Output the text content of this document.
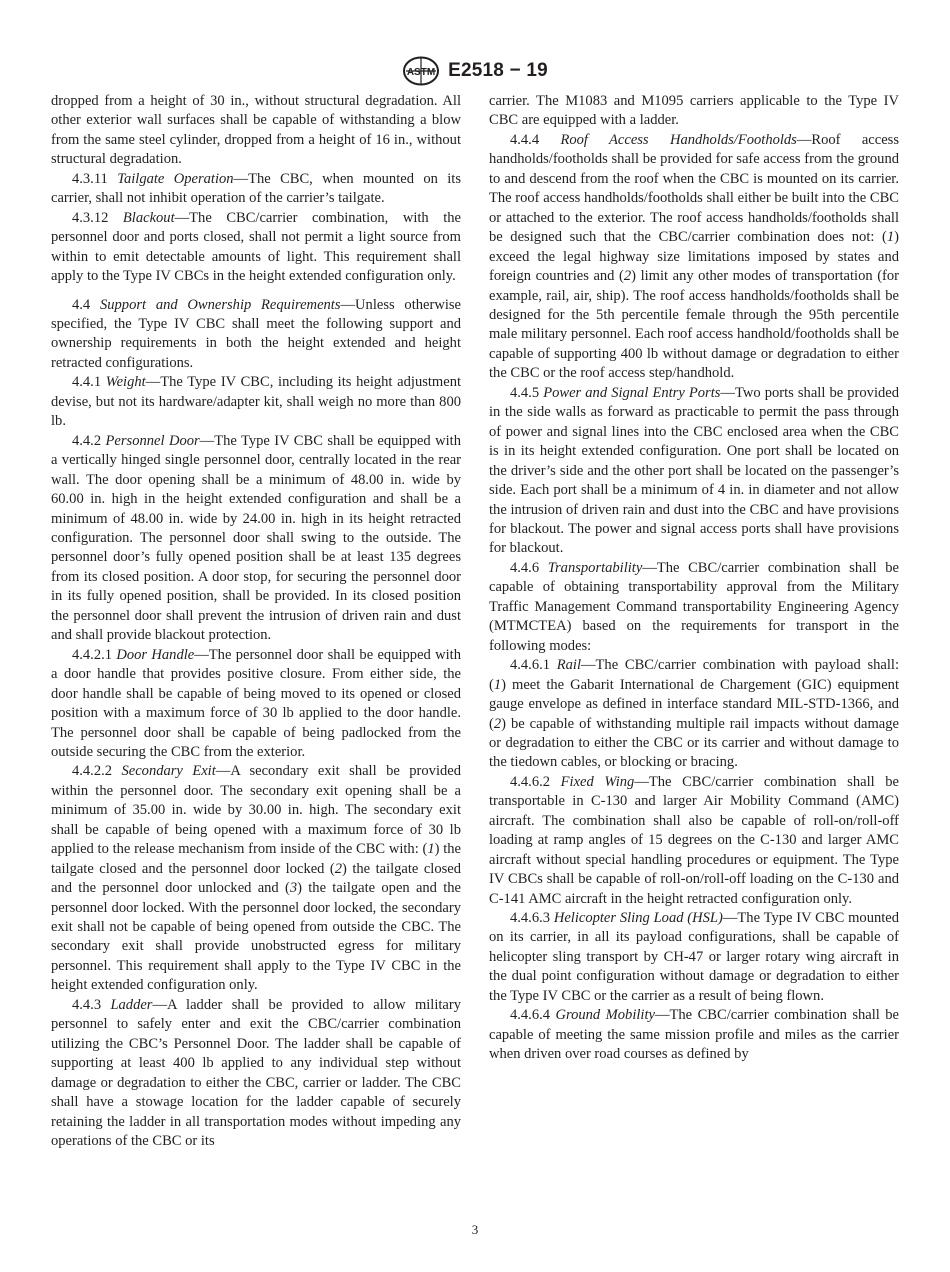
ASTM E2518 − 19

dropped from a height of 30 in., without structural degradation. All other exterior wall surfaces shall be capable of withstanding a blow from the same steel cylinder, dropped from a height of 16 in., without structural degradation.

4.3.11 Tailgate Operation—The CBC, when mounted on its carrier, shall not inhibit operation of the carrier’s tailgate.

4.3.12 Blackout—The CBC/carrier combination, with the personnel door and ports closed, shall not permit a light source from within to emit detectable amounts of light. This requirement shall apply to the Type IV CBCs in the height extended configuration only.

4.4 Support and Ownership Requirements—Unless otherwise specified, the Type IV CBC shall meet the following support and ownership requirements in both the height extended and height retracted configurations.

4.4.1 Weight—The Type IV CBC, including its height adjustment devise, but not its hardware/adapter kit, shall weigh no more than 800 lb.

4.4.2 Personnel Door—The Type IV CBC shall be equipped with a vertically hinged single personnel door, centrally located in the rear wall. The door opening shall be a minimum of 48.00 in. wide by 60.00 in. high in the height extended configuration and shall be a minimum of 48.00 in. wide by 24.00 in. high in its height retracted configuration. The personnel door shall swing to the outside. The personnel door’s fully opened position shall be at least 135 degrees from its closed position. A door stop, for securing the personnel door in its fully opened position, shall be provided. In its closed position the personnel door shall prevent the intrusion of driven rain and dust and shall provide blackout protection.

4.4.2.1 Door Handle—The personnel door shall be equipped with a door handle that provides positive closure. From either side, the door handle shall be capable of being moved to its opened or closed position with a maximum force of 30 lb applied to the door handle. The personnel door shall be capable of being padlocked from the outside securing the CBC from the exterior.

4.4.2.2 Secondary Exit—A secondary exit shall be provided within the personnel door. The secondary exit opening shall be a minimum of 35.00 in. wide by 30.00 in. high. The secondary exit shall be capable of being opened with a maximum force of 30 lb applied to the release mechanism from inside of the CBC with: (1) the tailgate closed and the personnel door locked (2) the tailgate closed and the personnel door unlocked and (3) the tailgate open and the personnel door locked. With the personnel door locked, the secondary exit shall not be capable of being opened from outside the CBC. The secondary exit shall provide unobstructed egress for military personnel. This requirement shall apply to the Type IV CBC in the height extended configuration only.

4.4.3 Ladder—A ladder shall be provided to allow military personnel to safely enter and exit the CBC/carrier combination utilizing the CBC’s Personnel Door. The ladder shall be capable of supporting at least 400 lb applied to any individual step without damage or degradation to either the CBC, carrier or ladder. The CBC shall have a stowage location for the ladder capable of securely retaining the ladder in all transportation modes without impeding any operations of the CBC or its

carrier. The M1083 and M1095 carriers applicable to the Type IV CBC are equipped with a ladder.

4.4.4 Roof Access Handholds/Footholds—Roof access handholds/footholds shall be provided for safe access from the ground to and descend from the roof when the CBC is mounted on its carrier. The roof access handholds/footholds shall either be built into the CBC or attached to the exterior. The roof access handholds/footholds shall be designed such that the CBC/carrier combination does not: (1) exceed the legal highway size limitations imposed by states and foreign countries and (2) limit any other modes of transportation (for example, rail, air, ship). The roof access handholds/footholds shall be designed for the 5th percentile female through the 95th percentile male military personnel. Each roof access handhold/footholds shall be capable of supporting 400 lb without damage or degradation to either the CBC or the roof access step/handhold.

4.4.5 Power and Signal Entry Ports—Two ports shall be provided in the side walls as forward as practicable to permit the pass through of power and signal lines into the CBC enclosed area when the CBC is in its height extended configuration. One port shall be located on the driver’s side and the other port shall be located on the passenger’s side. Each port shall be a minimum of 4 in. in diameter and not allow the intrusion of driven rain and dust into the CBC and have provisions for blackout. The power and signal access ports shall have provisions for blackout.

4.4.6 Transportability—The CBC/carrier combination shall be capable of obtaining transportability approval from the Military Traffic Management Command transportability Engineering Agency (MTMCTEA) based on the requirements for transport in the following modes:

4.4.6.1 Rail—The CBC/carrier combination with payload shall: (1) meet the Gabarit International de Chargement (GIC) equipment gauge envelope as defined in interface standard MIL-STD-1366, and (2) be capable of withstanding multiple rail impacts without damage or degradation to either the CBC or its carrier and without damage to the tiedown cables, or blocking or bracing.

4.4.6.2 Fixed Wing—The CBC/carrier combination shall be transportable in C-130 and larger Air Mobility Command (AMC) aircraft. The combination shall also be capable of roll-on/roll-off loading at ramp angles of 15 degrees on the C-130 and larger AMC aircraft without special handling procedures or equipment. The Type IV CBCs shall be capable of roll-on/roll-off loading on the C-130 and C-141 AMC aircraft in the height retracted configuration only.

4.4.6.3 Helicopter Sling Load (HSL)—The Type IV CBC mounted on its carrier, in all its payload configurations, shall be capable of helicopter sling transport by CH-47 or larger rotary wing aircraft in the dual point configuration without damage or degradation to either the Type IV CBC or the carrier as a result of being flown.

4.4.6.4 Ground Mobility—The CBC/carrier combination shall be capable of meeting the same mission profile and miles as the carrier when driven over road courses as defined by

3
